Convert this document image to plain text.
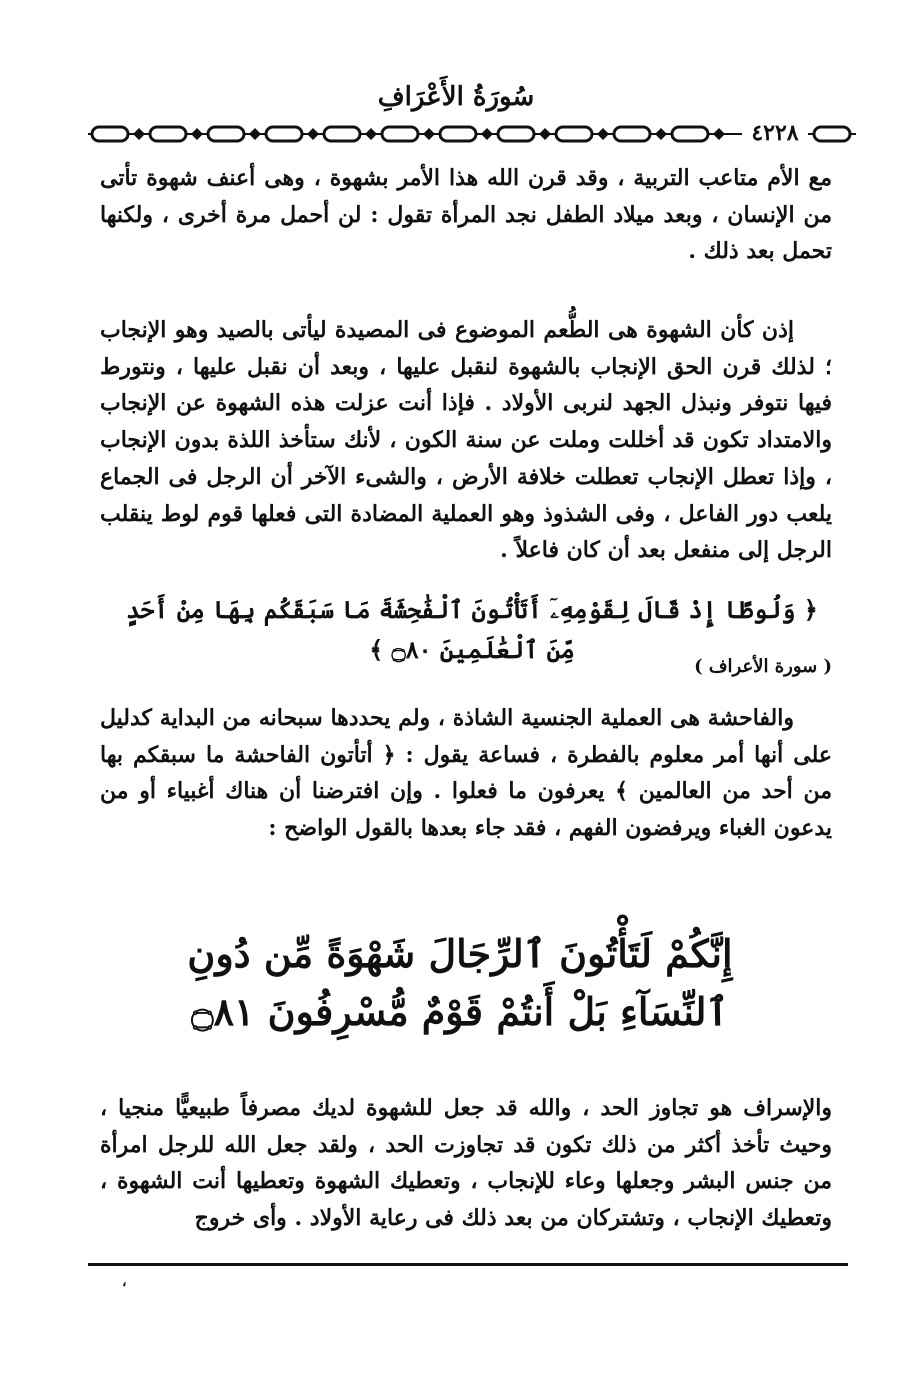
سُورَةُ الأَعْرَافِ
٤٢٢٨

مع الأم متاعب التربية ، وقد قرن الله هذا الأمر بشهوة ، وهى أعنف شهوة تأتى من الإنسان ، وبعد ميلاد الطفل نجد المرأة تقول : لن أحمل مرة أخرى ، ولكنها تحمل بعد ذلك .

إذن كأن الشهوة هى الطُّعم الموضوع فى المصيدة ليأتى بالصيد وهو الإنجاب ؛ لذلك قرن الحق الإنجاب بالشهوة لنقبل عليها ، وبعد أن نقبل عليها ، ونتورط فيها نتوفر ونبذل الجهد لنربى الأولاد . فإذا أنت عزلت هذه الشهوة عن الإنجاب والامتداد تكون قد أخللت وملت عن سنة الكون ، لأنك ستأخذ اللذة بدون الإنجاب ، وإذا تعطل الإنجاب تعطلت خلافة الأرض ، والشىء الآخر أن الرجل فى الجماع يلعب دور الفاعل ، وفى الشذوذ وهو العملية المضادة التى فعلها قوم لوط ينقلب الرجل إلى منفعل بعد أن كان فاعلاً .

﴿ وَلُوطًا إِذْ قَالَ لِقَوْمِهِۦٓ أَتَأْتُونَ ٱلْفَٰحِشَةَ مَا سَبَقَكُم بِهَا مِنْ أَحَدٍ مِّنَ ٱلْعَٰلَمِينَ ۝٨٠ ﴾
( سورة الأعراف )

والفاحشة هى العملية الجنسية الشاذة ، ولم يحددها سبحانه من البداية كدليل على أنها أمر معلوم بالفطرة ، فساعة يقول : ﴿ أتأتون الفاحشة ما سبقكم بها من أحد من العالمين ﴾ يعرفون ما فعلوا . وإن افترضنا أن هناك أغبياء أو من يدعون الغباء ويرفضون الفهم ، فقد جاء بعدها بالقول الواضح :

إِنَّكُمْ لَتَأْتُونَ ٱلرِّجَالَ شَهْوَةً مِّن دُونِ
ٱلنِّسَآءِ بَلْ أَنتُمْ قَوْمٌ مُّسْرِفُونَ ۝٨١

والإسراف هو تجاوز الحد ، والله قد جعل للشهوة لديك مصرفاً طبيعيًّا منجيا ، وحيث تأخذ أكثر من ذلك تكون قد تجاوزت الحد ، ولقد جعل الله للرجل امرأة من جنس البشر وجعلها وعاء للإنجاب ، وتعطيك الشهوة وتعطيها أنت الشهوة ، وتعطيك الإنجاب ، وتشتركان من بعد ذلك فى رعاية الأولاد . وأى خروج

،
